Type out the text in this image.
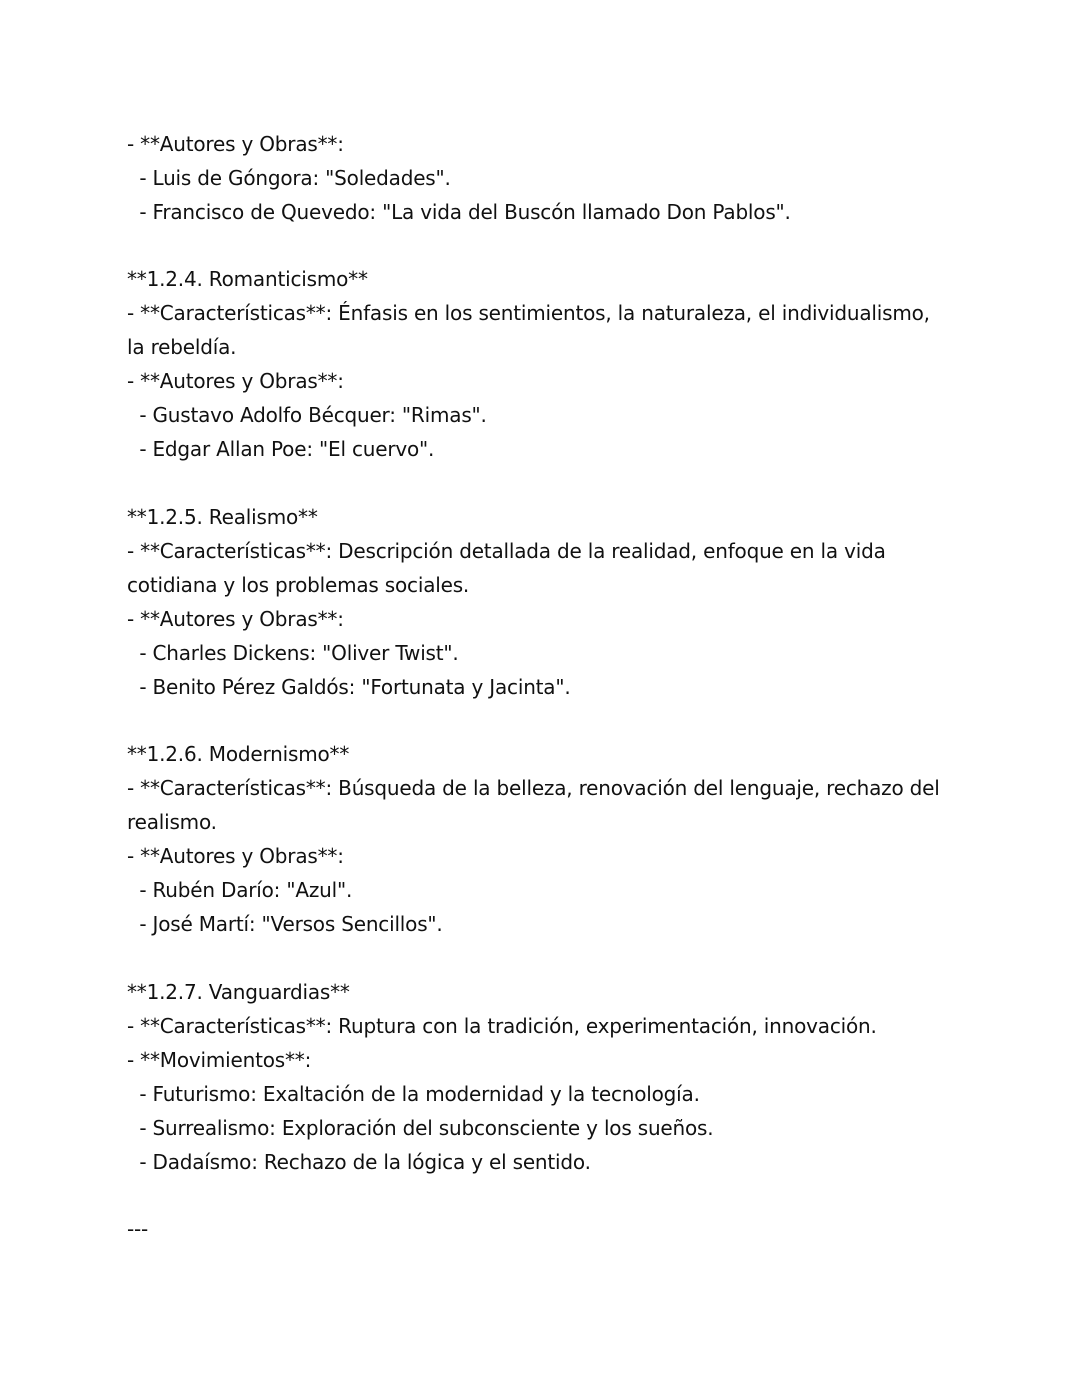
- **Autores y Obras**:
- Luis de Góngora: "Soledades".
- Francisco de Quevedo: "La vida del Buscón llamado Don Pablos".
**1.2.4. Romanticismo**
- **Características**: Énfasis en los sentimientos, la naturaleza, el individualismo,
la rebeldía.
- **Autores y Obras**:
- Gustavo Adolfo Bécquer: "Rimas".
- Edgar Allan Poe: "El cuervo".
**1.2.5. Realismo**
- **Características**: Descripción detallada de la realidad, enfoque en la vida
cotidiana y los problemas sociales.
- **Autores y Obras**:
- Charles Dickens: "Oliver Twist".
- Benito Pérez Galdós: "Fortunata y Jacinta".
**1.2.6. Modernismo**
- **Características**: Búsqueda de la belleza, renovación del lenguaje, rechazo del
realismo.
- **Autores y Obras**:
- Rubén Darío: "Azul".
- José Martí: "Versos Sencillos".
**1.2.7. Vanguardias**
- **Características**: Ruptura con la tradición, experimentación, innovación.
- **Movimientos**:
- Futurismo: Exaltación de la modernidad y la tecnología.
- Surrealismo: Exploración del subconsciente y los sueños.
- Dadaísmo: Rechazo de la lógica y el sentido.
---
